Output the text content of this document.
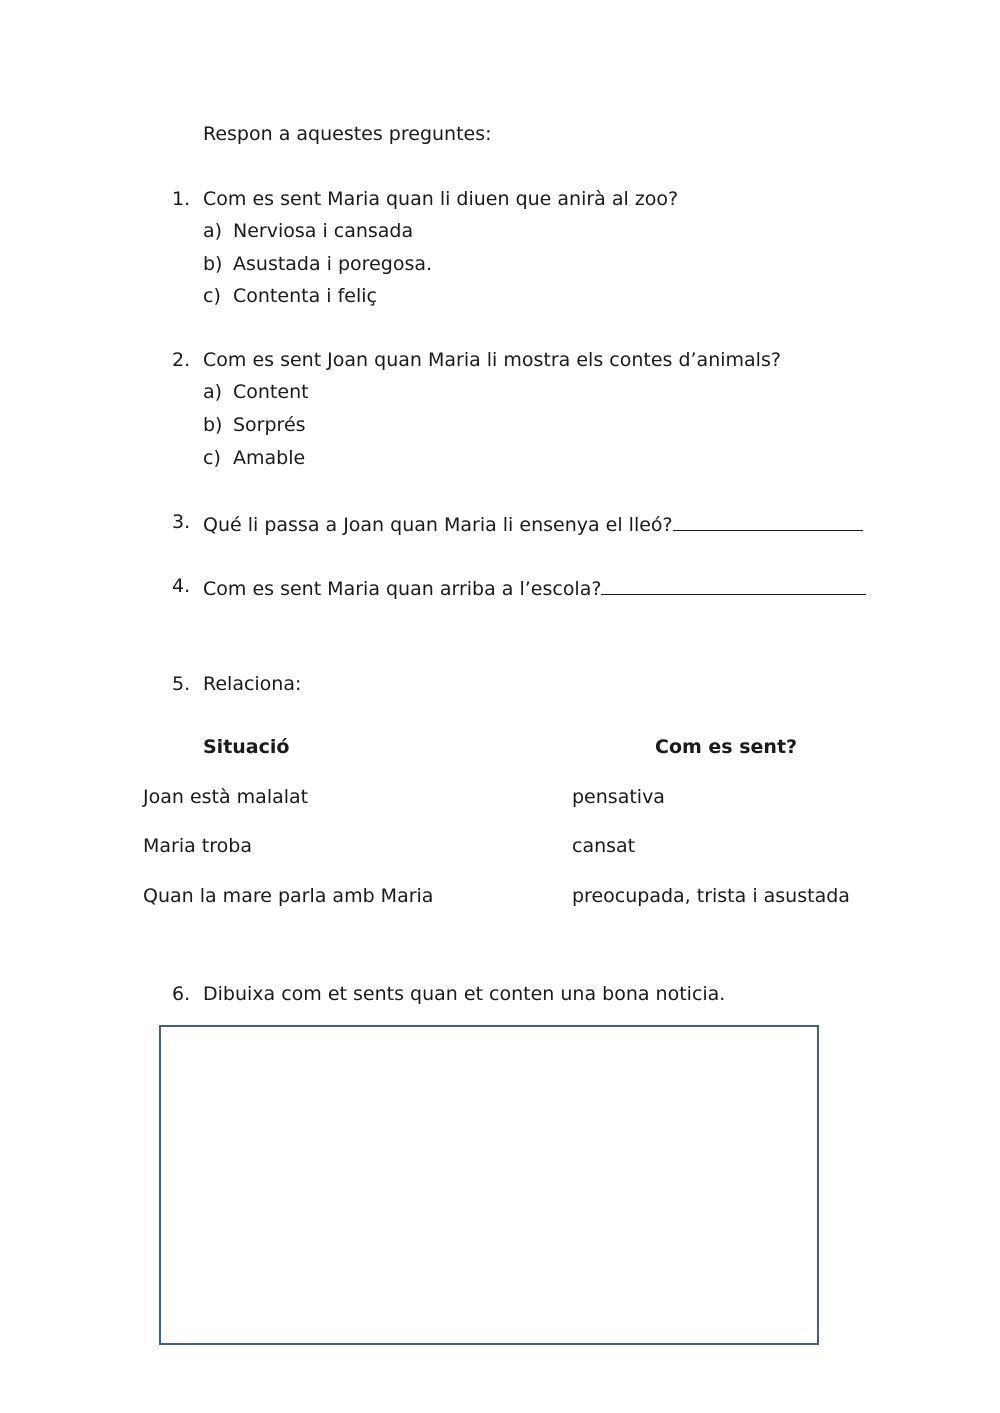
Respon a aquestes preguntes:
1. Com es sent Maria quan li diuen que anirà al zoo?
a) Nerviosa i cansada
b) Asustada i poregosa.
c) Contenta i feliç
2. Com es sent Joan quan Maria li mostra els contes d’animals?
a) Content
b) Sorprés
c) Amable
3. Qué li passa a Joan quan Maria li ensenya el lleó?
4. Com es sent Maria quan arriba a l’escola?
5. Relaciona:
Situació	Com es sent?
Joan està malalat
Maria troba
Quan la mare parla amb Maria
pensativa
cansat
preocupada, trista i asustada
6. Dibuixa com et sents quan et conten una bona noticia.
